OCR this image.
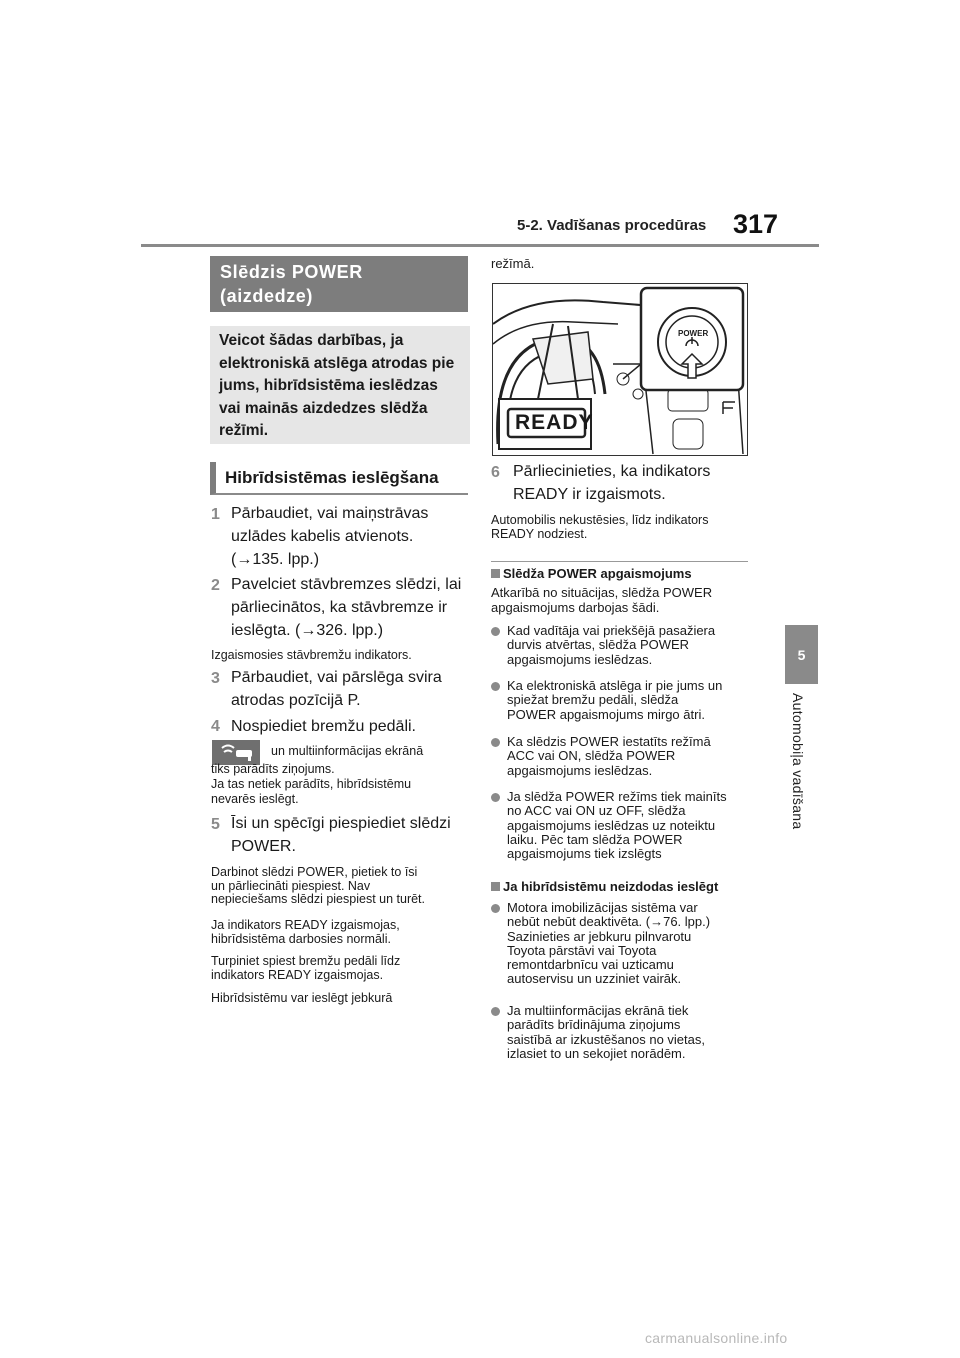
5-2. Vadīšanas procedūras 317
5
Automobiļa vadīšana
Slēdzis POWER (aizdedze)
Veicot šādas darbības, ja elektroniskā atslēga atrodas pie jums, hibrīdsistēma ieslēdzas vai mainās aizdedzes slēdža režīmi.
Hibrīdsistēmas ieslēgšana
1 Pārbaudiet, vai maiņstrāvas
uzlādes kabelis atvienots.
(→135. lpp.)
2 Pavelciet stāvbremzes slēdzi, lai
pārliecinātos, ka stāvbremze ir
ieslēgta. (→326. lpp.)
Izgaismosies stāvbremžu indikators.
3 Pārbaudiet, vai pārslēga svira
atrodas pozīcijā P.
4 Nospiediet bremžu pedāli.
un multiinformācijas ekrānā
tiks parādīts ziņojums.
Ja tas netiek parādīts, hibrīdsistēmu
nevarēs ieslēgt.
5 Īsi un spēcīgi piespiediet slēdzi
POWER.
Darbinot slēdzi POWER, pietiek to īsi
un pārliecināti piespiest. Nav
nepieciešams slēdzi piespiest un turēt.
Ja indikators READY izgaismojas,
hibrīdsistēma darbosies normāli.
Turpiniet spiest bremžu pedāli līdz
indikators READY izgaismojas.
Hibrīdsistēmu var ieslēgt jebkurā
režīmā.
READY
POWER
6 Pārliecinieties, ka indikators
READY ir izgaismots.
Automobilis nekustēsies, līdz indikators
READY nodziest.
Slēdža POWER apgaismojums
Atkarībā no situācijas, slēdža POWER
apgaismojums darbojas šādi.
Kad vadītāja vai priekšējā pasažiera
durvis atvērtas, slēdža POWER
apgaismojums ieslēdzas.
Ka elektroniskā atslēga ir pie jums un
spiežat bremžu pedāli, slēdža
POWER apgaismojums mirgo ātri.
Ka slēdzis POWER iestatīts režīmā
ACC vai ON, slēdža POWER
apgaismojums ieslēdzas.
Ja slēdža POWER režīms tiek mainīts
no ACC vai ON uz OFF, slēdža
apgaismojums ieslēdzas uz noteiktu
laiku. Pēc tam slēdža POWER
apgaismojums tiek izslēgts
Ja hibrīdsistēmu neizdodas ieslēgt
Motora imobilizācijas sistēma var
nebūt nebūt deaktivēta. (→76. lpp.)
Sazinieties ar jebkuru pilnvarotu
Toyota pārstāvi vai Toyota
remontdarbnīcu vai uzticamu
autoservisu un uzziniet vairāk.
Ja multiinformācijas ekrānā tiek
parādīts brīdinājuma ziņojums
saistībā ar izkustēšanos no vietas,
izlasiet to un sekojiet norādēm.
carmanualsonline.info
